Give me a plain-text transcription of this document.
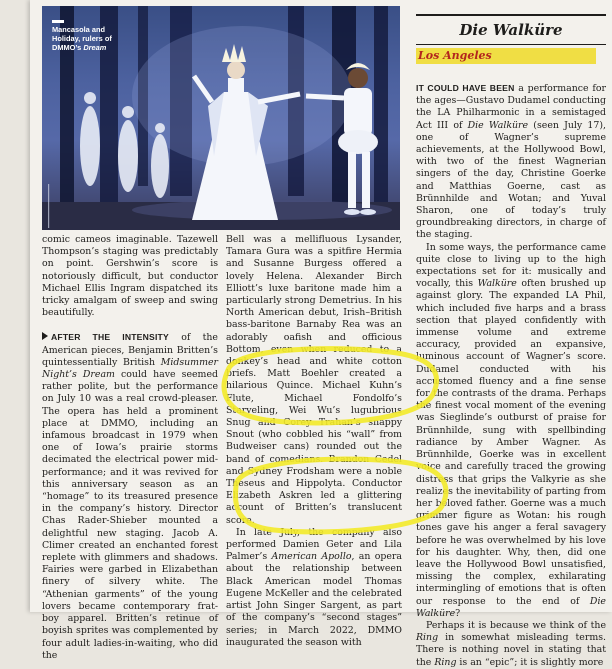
Mancasola and
Holiday, rulers of
DMMO’s Dream

comic cameos imaginable. Tazewell Thompson’s staging was predictably on point. Gershwin’s score is notoriously difficult, but conductor Michael Ellis Ingram dispatched its tricky amalgam of sweep and swing beautifully.

AFTER THE INTENSITY of the American pieces, Benjamin Britten’s quintessentially British Midsummer Night’s Dream could have seemed rather polite, but the performance on July 10 was a real crowd-pleaser. The opera has held a prominent place at DMMO, including an infamous broadcast in 1979 when one of Iowa’s prairie storms decimated the electrical power mid-performance; and it was revived for this anniversary season as an “homage” to its treasured presence in the company’s history. Director Chas Rader-Shieber mounted a delightful new staging. Jacob A. Climer created an enchanted forest replete with glimmers and shadows. Fairies were garbed in Elizabethan finery of silvery white. The “Athenian garments” of the young lovers became contemporary frat-boy apparel. Britten’s retinue of boyish sprites was complemented by four adult ladies-in-waiting, who did the

Bell was a mellifluous Lysander, Tamara Gura was a spitfire Hermia and Susanne Burgess offered a lovely Helena. Alexander Birch Elliott’s luxe baritone made him a particularly strong Demetrius. In his North American debut, Irish–British bass-baritone Barnaby Rea was an adorably oafish and officious Bottom, even when reduced to a donkey’s head and white cotton briefs. Matt Boehler created a hilarious Quince. Michael Kuhn’s Flute, Michael Fondolfo’s Starveling, Wei Wu’s lugubrious Snug and Corey Trahan’s snappy Snout (who cobbled his “wall” from Budweiser cans) rounded out the band of comedians. Brandon Cedel and Sydney Frodsham were a noble Theseus and Hippolyta. Conductor Elizabeth Askren led a glittering account of Britten’s translucent score.

In late July, the company also performed Damien Geter and Lila Palmer’s American Apollo, an opera about the relationship between Black American model Thomas Eugene McKeller and the celebrated artist John Singer Sargent, as part of the company’s “second stages” series; in March 2022, DMMO inaugurated the season with

Die Walküre
Los Angeles

IT COULD HAVE BEEN a performance for the ages—Gustavo Dudamel conducting the LA Philharmonic in a semistaged Act III of Die Walküre (seen July 17), one of Wagner’s supreme achievements, at the Hollywood Bowl, with two of the finest Wagnerian singers of the day, Christine Goerke and Matthias Goerne, cast as Brünnhilde and Wotan; and Yuval Sharon, one of today’s truly groundbreaking directors, in charge of the staging.

In some ways, the performance came quite close to living up to the high expectations set for it: musically and vocally, this Walküre often brushed up against glory. The expanded LA Phil, which included five harps and a brass section that played confidently with immense volume and extreme accuracy, provided an expansive, luminous account of Wagner’s score. Dudamel conducted with his accustomed fluency and a fine sense for the contrasts of the drama. Perhaps the finest vocal moment of the evening was Sieglinde’s outburst of praise for Brünnhilde, sung with spellbinding radiance by Amber Wagner. As Brünnhilde, Goerke was in excellent voice and carefully traced the growing distress that grips the Valkyrie as she realizes the inevitability of parting from her beloved father. Goerne was a much grimmer figure as Wotan: his rough tones gave his anger a feral savagery before he was overwhelmed by his love for his daughter. Why, then, did one leave the Hollywood Bowl unsatisfied, missing the complex, exhilarating intermingling of emotions that is often our response to the end of Die Walküre?

Perhaps it is because we think of the Ring in somewhat misleading terms. There is nothing novel in stating that the Ring is an “epic”; it is slightly more
